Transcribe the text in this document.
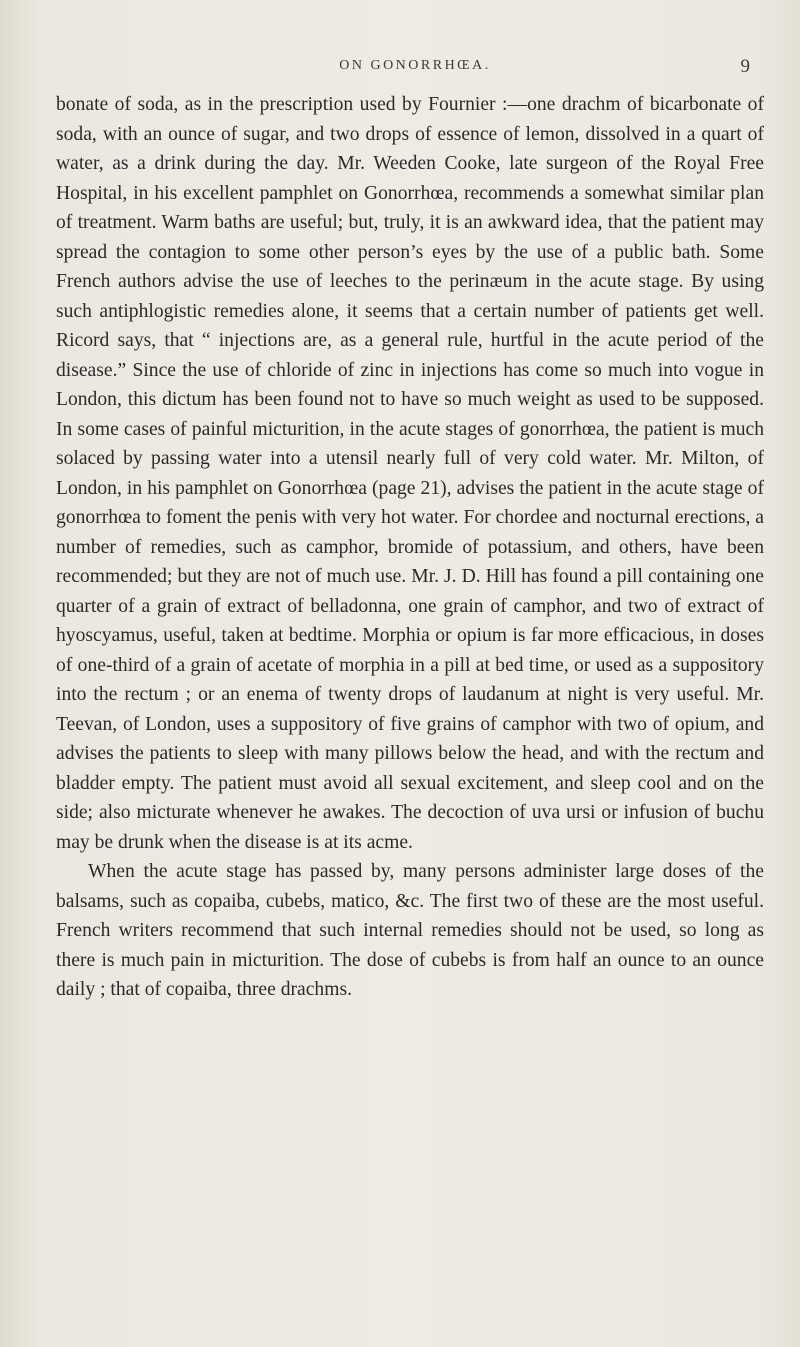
ON GONORRHŒA.	9

bonate of soda, as in the prescription used by Fournier :—one drachm of bicarbonate of soda, with an ounce of sugar, and two drops of essence of lemon, dissolved in a quart of water, as a drink during the day. Mr. Weeden Cooke, late surgeon of the Royal Free Hospital, in his excellent pamphlet on Gonorrhœa, recommends a somewhat similar plan of treatment. Warm baths are useful; but, truly, it is an awkward idea, that the patient may spread the contagion to some other person’s eyes by the use of a public bath. Some French authors advise the use of leeches to the perinæum in the acute stage. By using such antiphlogistic remedies alone, it seems that a certain number of patients get well. Ricord says, that “ injections are, as a general rule, hurtful in the acute period of the disease.” Since the use of chloride of zinc in injections has come so much into vogue in London, this dictum has been found not to have so much weight as used to be supposed. In some cases of painful micturition, in the acute stages of gonorrhœa, the patient is much solaced by passing water into a utensil nearly full of very cold water. Mr. Milton, of London, in his pamphlet on Gonorrhœa (page 21), advises the patient in the acute stage of gonorrhœa to foment the penis with very hot water. For chordee and nocturnal erections, a number of remedies, such as camphor, bromide of potassium, and others, have been recommended; but they are not of much use. Mr. J. D. Hill has found a pill containing one quarter of a grain of extract of belladonna, one grain of camphor, and two of extract of hyoscyamus, useful, taken at bedtime. Morphia or opium is far more efficacious, in doses of one-third of a grain of acetate of morphia in a pill at bed time, or used as a suppository into the rectum ; or an enema of twenty drops of laudanum at night is very useful. Mr. Teevan, of London, uses a suppository of five grains of camphor with two of opium, and advises the patients to sleep with many pillows below the head, and with the rectum and bladder empty. The patient must avoid all sexual excitement, and sleep cool and on the side; also micturate whenever he awakes. The decoction of uva ursi or infusion of buchu may be drunk when the disease is at its acme.

When the acute stage has passed by, many persons administer large doses of the balsams, such as copaiba, cubebs, matico, &c. The first two of these are the most useful. French writers recommend that such internal remedies should not be used, so long as there is much pain in micturition. The dose of cubebs is from half an ounce to an ounce daily ; that of copaiba, three drachms.
